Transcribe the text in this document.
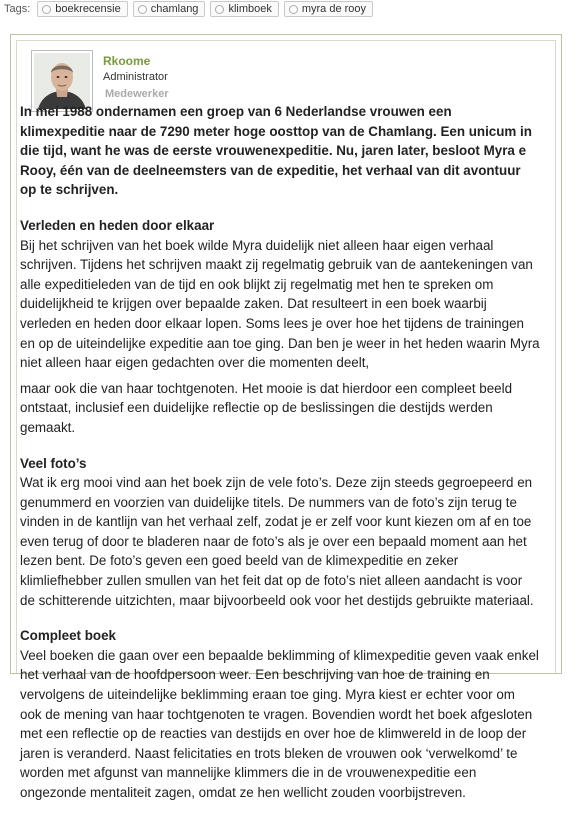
Tags: boekrecensie	chamlang	klimboek	myra de rooy
Rkoome
Administrator
Medewerker

In mei 1988 ondernamen een groep van 6 Nederlandse vrouwen een klimexpeditie naar de 7290 meter hoge oosttop van de Chamlang. Een unicum in die tijd, want he was de eerste vrouwenexpeditie. Nu, jaren later, besloot Myra e Rooy, één van de deelneemsters van de expeditie, het verhaal van dit avontuur op te schrijven.

Verleden en heden door elkaar

Bij het schrijven van het boek wilde Myra duidelijk niet alleen haar eigen verhaal schrijven. Tijdens het schrijven maakt zij regelmatig gebruik van de aantekeningen van alle expeditieleden van de tijd en ook blijkt zij regelmatig met hen te spreken om duidelijkheid te krijgen over bepaalde zaken. Dat resulteert in een boek waarbij verleden en heden door elkaar lopen. Soms lees je over hoe het tijdens de trainingen en op de uiteindelijke expeditie aan toe ging. Dan ben je weer in het heden waarin Myra niet alleen haar eigen gedachten over die momenten deelt,

maar ook die van haar tochtgenoten. Het mooie is dat hierdoor een compleet beeld ontstaat, inclusief een duidelijke reflectie op de beslissingen die destijds werden gemaakt.

Veel foto’s

Wat ik erg mooi vind aan het boek zijn de vele foto’s. Deze zijn steeds gegroepeerd en genummerd en voorzien van duidelijke titels. De nummers van de foto’s zijn terug te vinden in de kantlijn van het verhaal zelf, zodat je er zelf voor kunt kiezen om af en toe even terug of door te bladeren naar de foto’s als je over een bepaald moment aan het lezen bent. De foto’s geven een goed beeld van de klimexpeditie en zeker klimliefhebber zullen smullen van het feit dat op de foto’s niet alleen aandacht is voor de schitterende uitzichten, maar bijvoorbeeld ook voor het destijds gebruikte materiaal.

Compleet boek

Veel boeken die gaan over een bepaalde beklimming of klimexpeditie geven vaak enkel het verhaal van de hoofdpersoon weer. Een beschrijving van hoe de training en vervolgens de uiteindelijke beklimming eraan toe ging. Myra kiest er echter voor om ook de mening van haar tochtgenoten te vragen. Bovendien wordt het boek afgesloten met een reflectie op de reacties van destijds en over hoe de klimwereld in de loop der jaren is veranderd. Naast felicitaties en trots bleken de vrouwen ook ‘verwelkomd’ te worden met afgunst van mannelijke klimmers die in de vrouwenexpeditie een ongezonde mentaliteit zagen, omdat ze hen wellicht zouden voorbijstreven.
